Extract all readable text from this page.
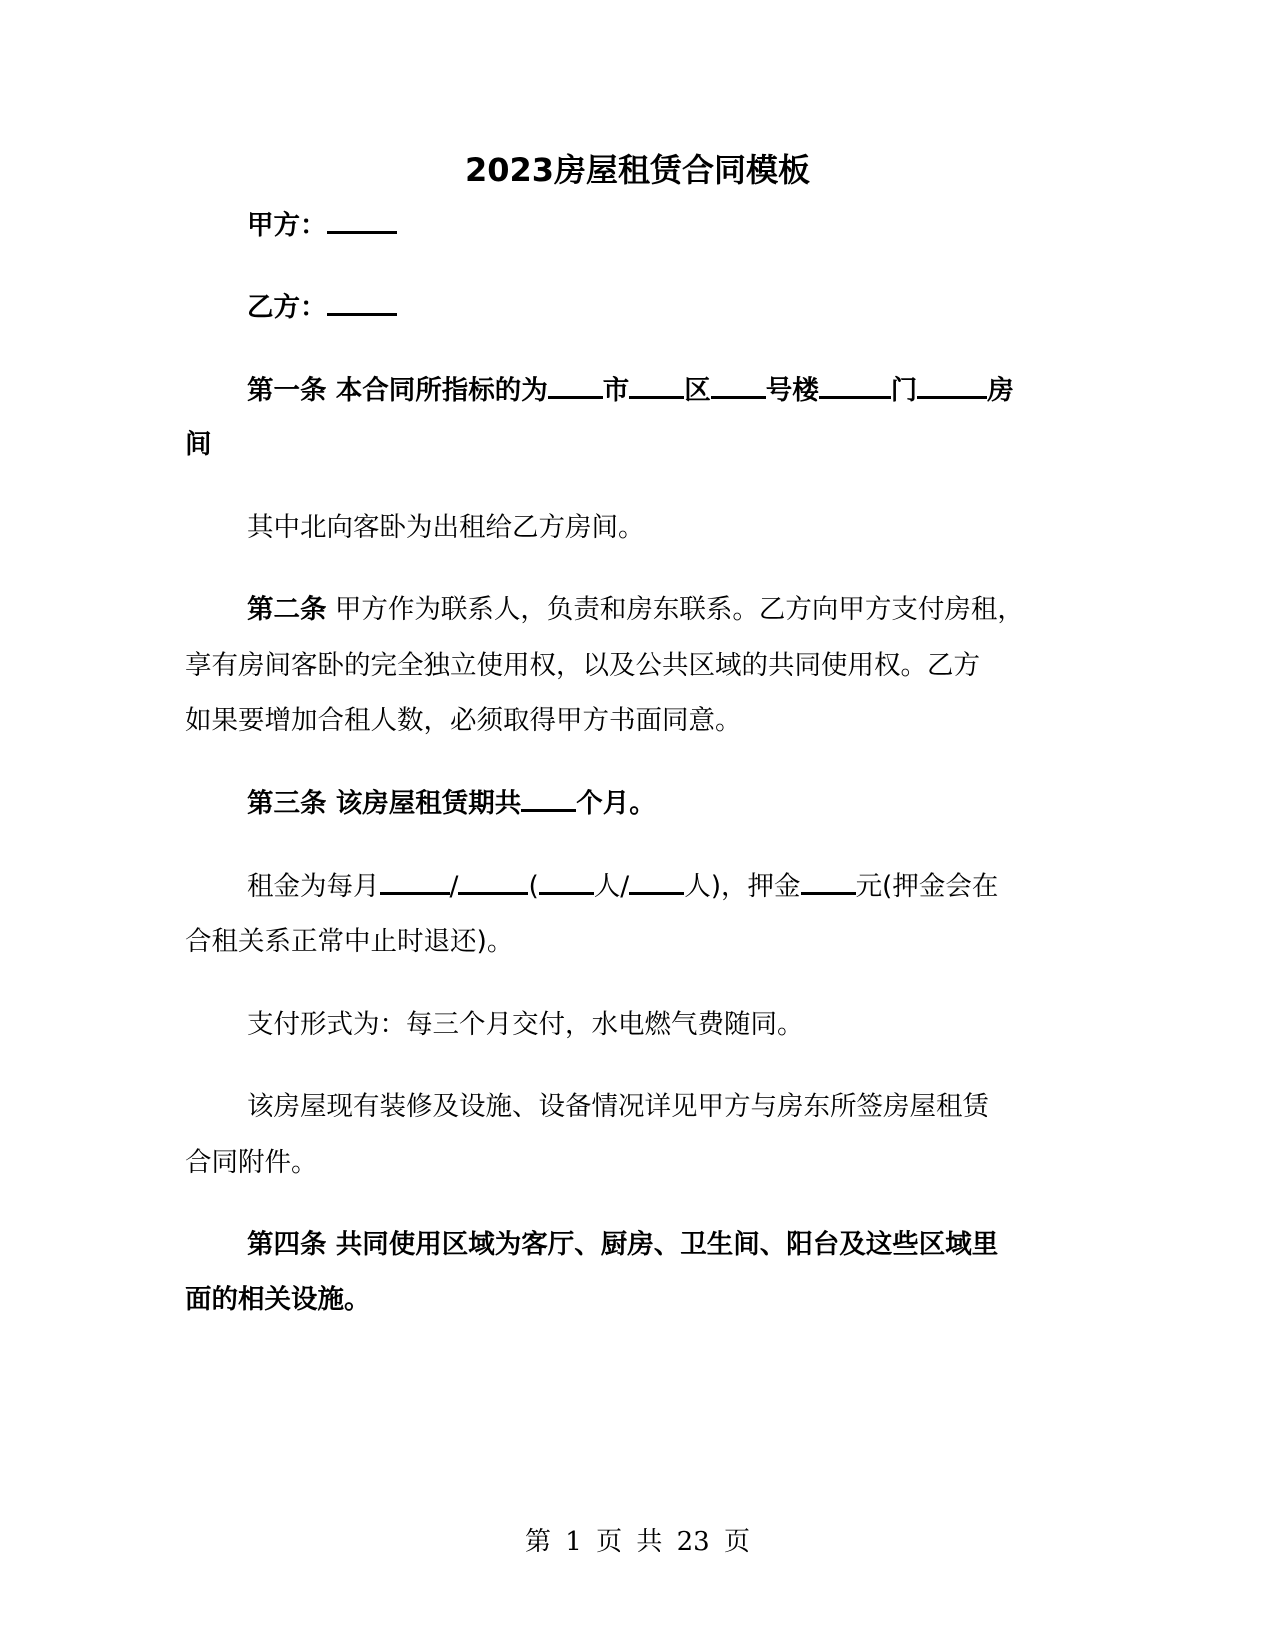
2023房屋租赁合同模板

甲方：

乙方：

第一条 本合同所指标的为 市 区 号楼	门	房

间

其中北向客卧为出租给乙方房间。

第二条 甲方作为联系人，负责和房东联系。乙方向甲方支付房租，

享有房间客卧的完全独立使用权，以及公共区域的共同使用权。乙方

如果要增加合租人数，必须取得甲方书面同意。

第三条 该房屋租赁期共 个月。

租金为每月	/	( 人/ 人)，押金 元(押金会在

合租关系正常中止时退还)。

支付形式为：每三个月交付，水电燃气费随同。

该房屋现有装修及设施、设备情况详见甲方与房东所签房屋租赁

合同附件。

第四条 共同使用区域为客厅、厨房、卫生间、阳台及这些区域里

面的相关设施。

第 1 页 共 23 页
